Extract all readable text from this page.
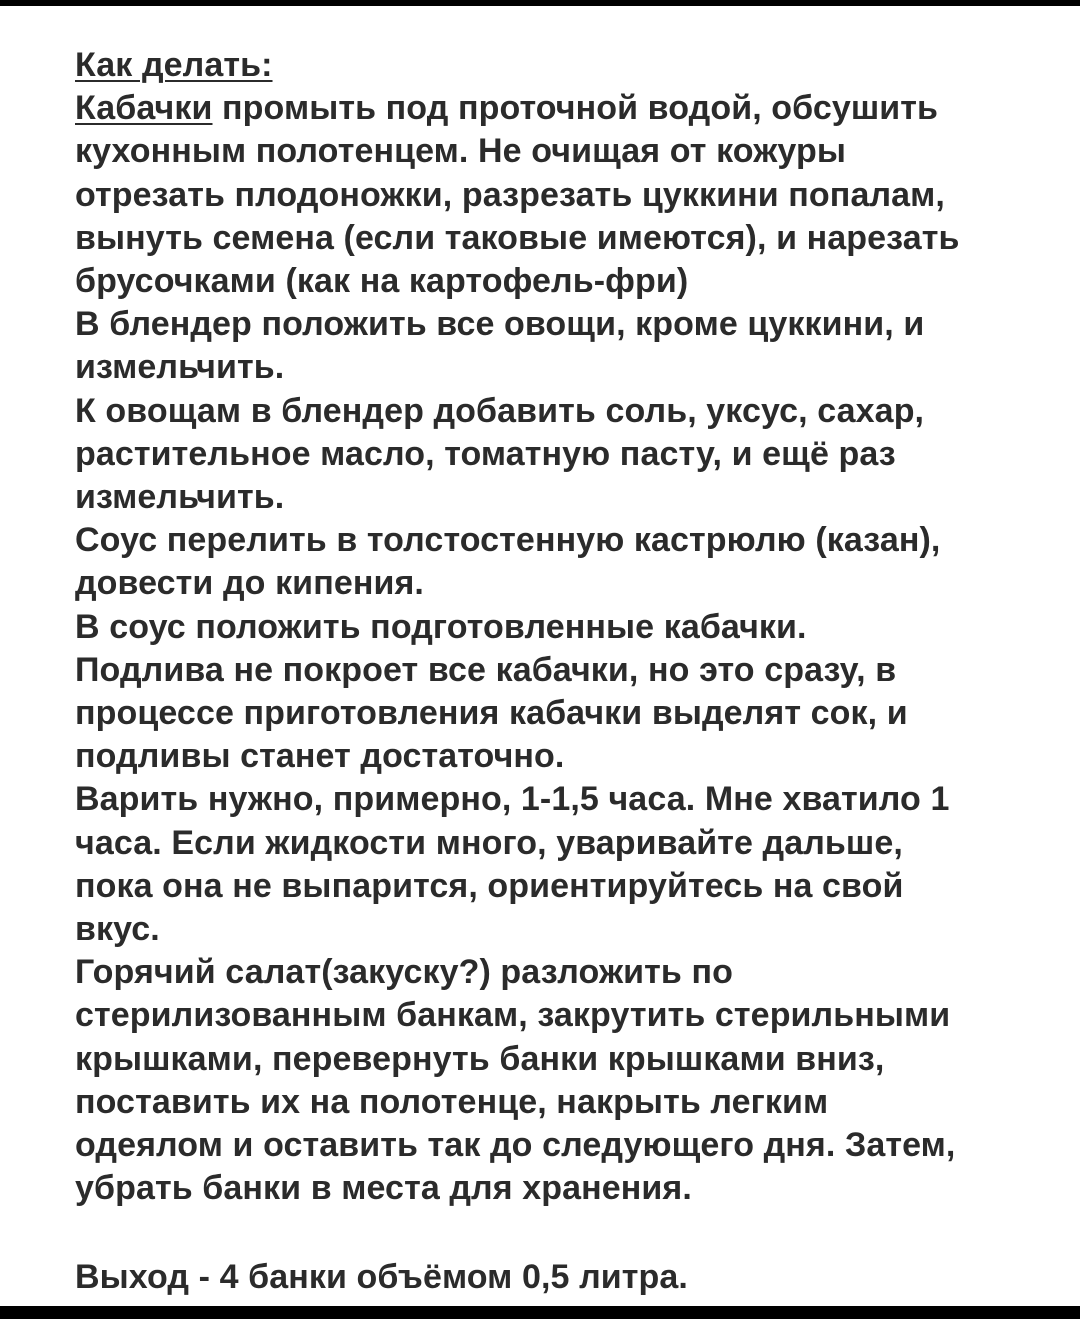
Как делать:
Кабачки промыть под проточной водой, обсушить
кухонным полотенцем. Не очищая от кожуры
отрезать плодоножки, разрезать цуккини попалам,
вынуть семена (если таковые имеются), и нарезать
брусочками (как на картофель-фри)
В блендер положить все овощи, кроме цуккини, и
измельчить.
К овощам в блендер добавить соль, уксус, сахар,
растительное масло, томатную пасту, и ещё раз
измельчить.
Соус перелить в толстостенную кастрюлю (казан),
довести до кипения.
В соус положить подготовленные кабачки.
Подлива не покроет все кабачки, но это сразу, в
процессе приготовления кабачки выделят сок, и
подливы станет достаточно.
Варить нужно, примерно, 1-1,5 часа. Мне хватило 1
часа. Если жидкости много, уваривайте дальше,
пока она не выпарится, ориентируйтесь на свой
вкус.
Горячий салат(закуску?) разложить по
стерилизованным банкам, закрутить стерильными
крышками, перевернуть банки крышками вниз,
поставить их на полотенце, накрыть легким
одеялом и оставить так до следующего дня. Затем,
убрать банки в места для хранения.
Выход - 4 банки объёмом 0,5 литра.
